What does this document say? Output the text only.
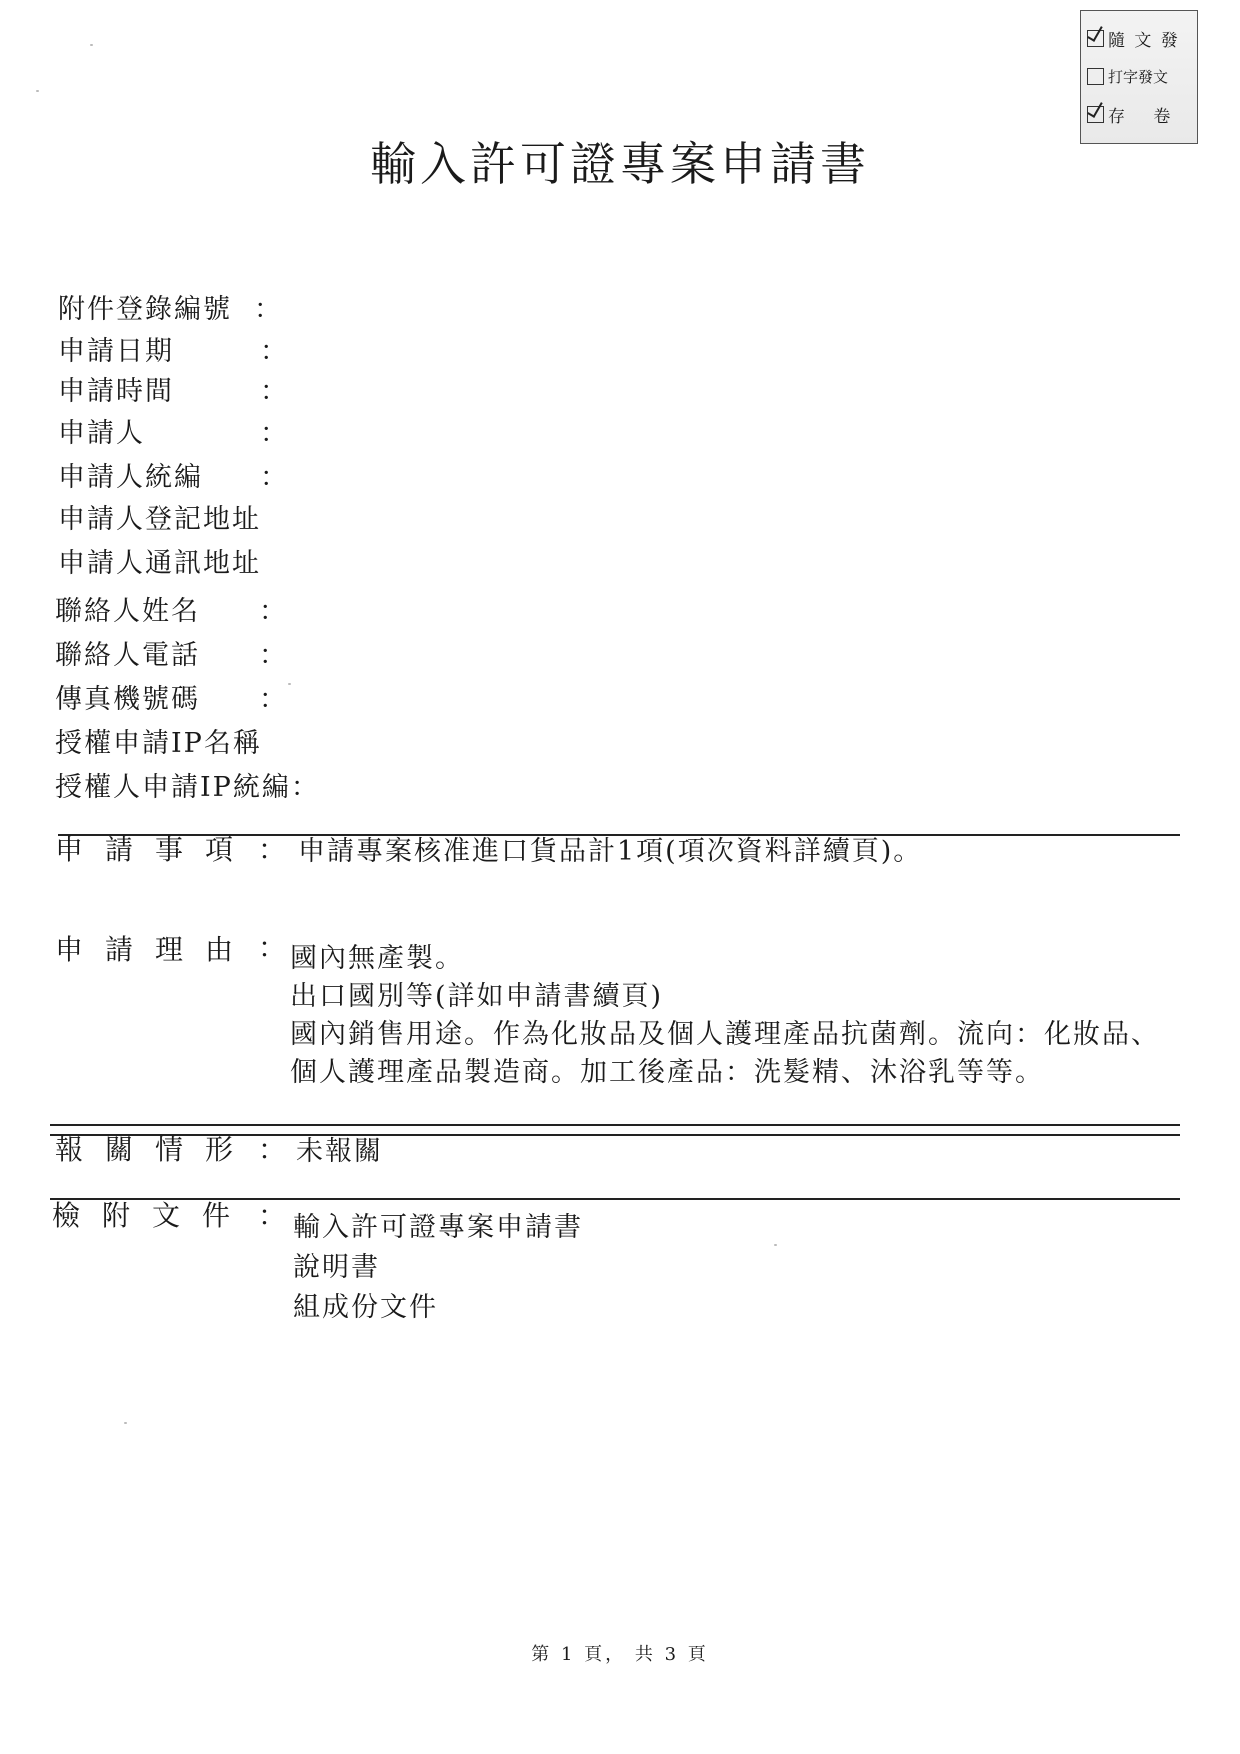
隨 文 發
打字發文
存　 卷
輸入許可證專案申請書
附件登錄編號 ：
申請日期	：
申請時間	：
申請人	：
申請人統編 ：
申請人登記地址
申請人通訊地址
聯絡人姓名 ：
聯絡人電話 ：
傳真機號碼 ：
授權申請IP名稱
授權人申請IP統編：
申請事項 ： 申請專案核准進口貨品計1項(項次資料詳續頁)。
申請理由 ： 國內無產製。
出口國別等(詳如申請書續頁)
國內銷售用途。作為化妝品及個人護理產品抗菌劑。流向：化妝品、個人護理產品製造商。加工後產品：洗髮精、沐浴乳等等。
報關情形 ： 未報關
檢附文件 ： 輸入許可證專案申請書
說明書
組成份文件
第 1 頁， 共 3 頁
